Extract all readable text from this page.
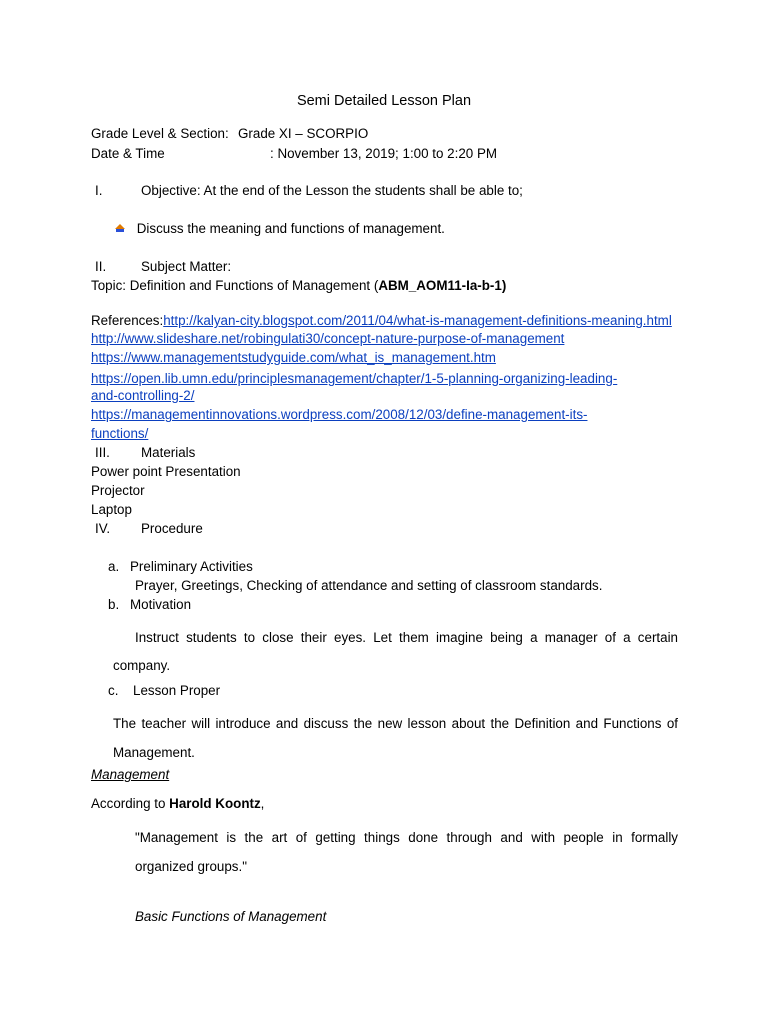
Semi Detailed Lesson Plan
Grade Level & Section: Grade XI – SCORPIO
Date & Time	: November 13, 2019; 1:00 to 2:20 PM
I.	Objective: At the end of the Lesson the students shall be able to;
Discuss the meaning and functions of management.
II.	Subject Matter:
Topic: Definition and Functions of Management (ABM_AOM11-Ia-b-1)
References:http://kalyan-city.blogspot.com/2011/04/what-is-management-definitions-meaning.html
http://www.slideshare.net/robingulati30/concept-nature-purpose-of-management
https://www.managementstudyguide.com/what_is_management.htm
https://open.lib.umn.edu/principlesmanagement/chapter/1-5-planning-organizing-leading-
and-controlling-2/
https://managementinnovations.wordpress.com/2008/12/03/define-management-its-
functions/
III. Materials
Power point Presentation
Projector
Laptop
IV. Procedure
a. Preliminary Activities
Prayer, Greetings, Checking of attendance and setting of classroom standards.
b. Motivation
Instruct students to close their eyes. Let them imagine being a manager of a certain company.
c. Lesson Proper
The teacher will introduce and discuss the new lesson about the Definition and Functions of Management.
Management
According to Harold Koontz,
"Management is the art of getting things done through and with people in formally organized groups."
Basic Functions of Management
